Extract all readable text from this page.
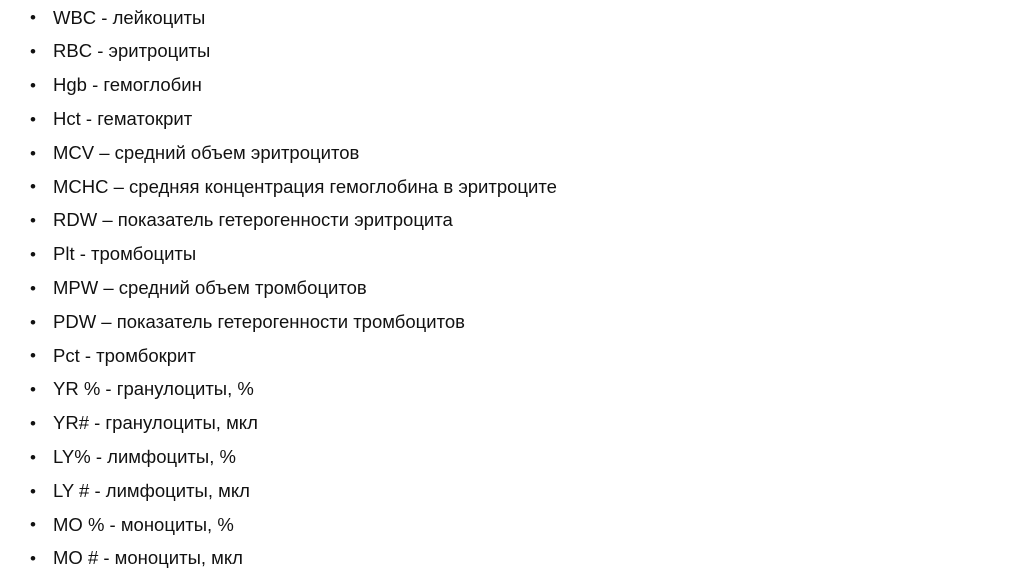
• WBC - лейкоциты
• RBC - эритроциты
• Hgb - гемоглобин
• Hct - гематокрит
• MCV – средний объем эритроцитов
• MCHC – средняя концентрация гемоглобина в эритроците
• RDW – показатель гетерогенности эритроцита
• Plt - тромбоциты
• MPW – средний объем тромбоцитов
• PDW – показатель гетерогенности тромбоцитов
• Pct - тромбокрит
• YR % - гранулоциты, %
• YR# - гранулоциты, мкл
• LY% - лимфоциты, %
• LY # - лимфоциты, мкл
• MO % - моноциты, %
• MO # - моноциты, мкл
